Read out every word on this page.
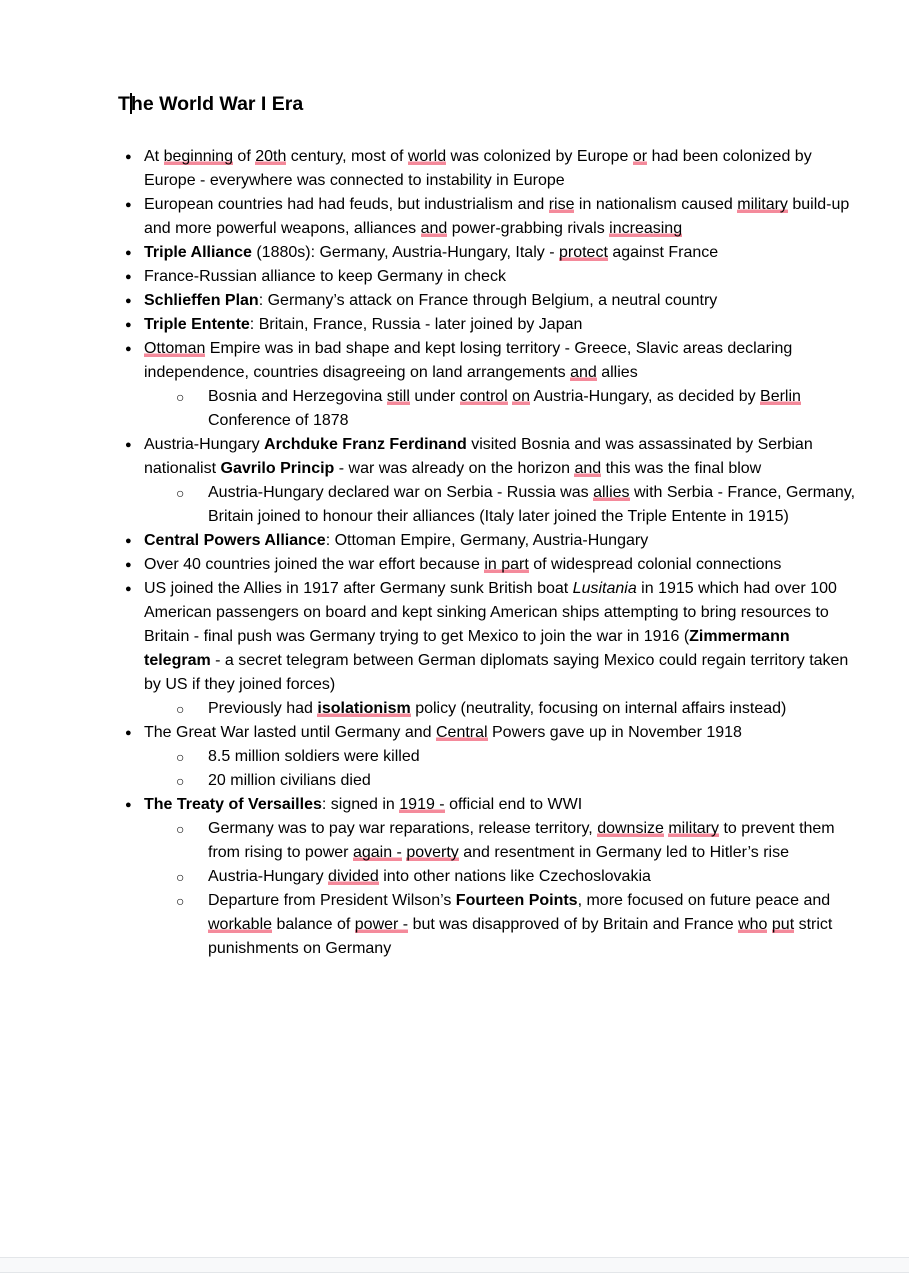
The World War I Era
● At beginning of 20th century, most of world was colonized by Europe or had been colonized by Europe - everywhere was connected to instability in Europe
● European countries had had feuds, but industrialism and rise in nationalism caused military build-up and more powerful weapons, alliances and power-grabbing rivals increasing
● Triple Alliance (1880s): Germany, Austria-Hungary, Italy - protect against France
● France-Russian alliance to keep Germany in check
● Schlieffen Plan: Germany’s attack on France through Belgium, a neutral country
● Triple Entente: Britain, France, Russia - later joined by Japan
● Ottoman Empire was in bad shape and kept losing territory - Greece, Slavic areas declaring independence, countries disagreeing on land arrangements and allies
○ Bosnia and Herzegovina still under control on Austria-Hungary, as decided by Berlin Conference of 1878
● Austria-Hungary Archduke Franz Ferdinand visited Bosnia and was assassinated by Serbian nationalist Gavrilo Princip - war was already on the horizon and this was the final blow
○ Austria-Hungary declared war on Serbia - Russia was allies with Serbia - France, Germany, Britain joined to honour their alliances (Italy later joined the Triple Entente in 1915)
● Central Powers Alliance: Ottoman Empire, Germany, Austria-Hungary
● Over 40 countries joined the war effort because in part of widespread colonial connections
● US joined the Allies in 1917 after Germany sunk British boat Lusitania in 1915 which had over 100 American passengers on board and kept sinking American ships attempting to bring resources to Britain - final push was Germany trying to get Mexico to join the war in 1916 (Zimmermann telegram - a secret telegram between German diplomats saying Mexico could regain territory taken by US if they joined forces)
○ Previously had isolationism policy (neutrality, focusing on internal affairs instead)
● The Great War lasted until Germany and Central Powers gave up in November 1918
○ 8.5 million soldiers were killed
○ 20 million civilians died
● The Treaty of Versailles: signed in 1919 - official end to WWI
○ Germany was to pay war reparations, release territory, downsize military to prevent them from rising to power again - poverty and resentment in Germany led to Hitler’s rise
○ Austria-Hungary divided into other nations like Czechoslovakia
○ Departure from President Wilson’s Fourteen Points, more focused on future peace and workable balance of power - but was disapproved of by Britain and France who put strict punishments on Germany
